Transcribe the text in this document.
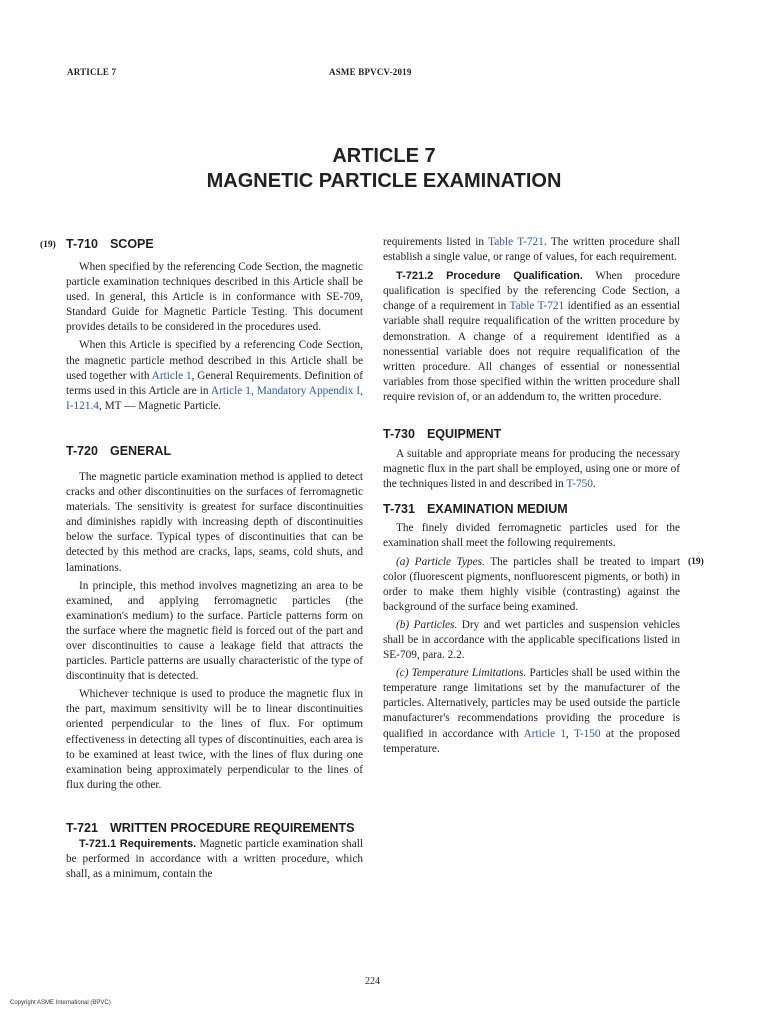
ARTICLE 7	ASME BPVCV-2019
ARTICLE 7
MAGNETIC PARTICLE EXAMINATION
(19) T-710 SCOPE

When specified by the referencing Code Section, the magnetic particle examination techniques described in this Article shall be used. In general, this Article is in conformance with SE-709, Standard Guide for Magnetic Particle Testing. This document provides details to be considered in the procedures used.

When this Article is specified by a referencing Code Section, the magnetic particle method described in this Article shall be used together with Article 1, General Requirements. Definition of terms used in this Article are in Article 1, Mandatory Appendix I, I-121.4, MT — Magnetic Particle.

T-720 GENERAL

The magnetic particle examination method is applied to detect cracks and other discontinuities on the surfaces of ferromagnetic materials. The sensitivity is greatest for surface discontinuities and diminishes rapidly with increasing depth of discontinuities below the surface. Typical types of discontinuities that can be detected by this method are cracks, laps, seams, cold shuts, and laminations.

In principle, this method involves magnetizing an area to be examined, and applying ferromagnetic particles (the examination's medium) to the surface. Particle patterns form on the surface where the magnetic field is forced out of the part and over discontinuities to cause a leakage field that attracts the particles. Particle patterns are usually characteristic of the type of discontinuity that is detected.

Whichever technique is used to produce the magnetic flux in the part, maximum sensitivity will be to linear discontinuities oriented perpendicular to the lines of flux. For optimum effectiveness in detecting all types of discontinuities, each area is to be examined at least twice, with the lines of flux during one examination being approximately perpendicular to the lines of flux during the other.

T-721 WRITTEN PROCEDURE REQUIREMENTS

T-721.1 Requirements. Magnetic particle examination shall be performed in accordance with a written procedure, which shall, as a minimum, contain the

requirements listed in Table T-721. The written procedure shall establish a single value, or range of values, for each requirement.

T-721.2 Procedure Qualification. When procedure qualification is specified by the referencing Code Section, a change of a requirement in Table T-721 identified as an essential variable shall require requalification of the written procedure by demonstration. A change of a requirement identified as a nonessential variable does not require requalification of the written procedure. All changes of essential or nonessential variables from those specified within the written procedure shall require revision of, or an addendum to, the written procedure.

T-730 EQUIPMENT

A suitable and appropriate means for producing the necessary magnetic flux in the part shall be employed, using one or more of the techniques listed in and described in T-750.

T-731 EXAMINATION MEDIUM

The finely divided ferromagnetic particles used for the examination shall meet the following requirements.

(a) Particle Types. The particles shall be treated to impart color (fluorescent pigments, nonfluorescent pigments, or both) in order to make them highly visible (contrasting) against the background of the surface being examined.

(b) Particles. Dry and wet particles and suspension vehicles shall be in accordance with the applicable specifications listed in SE-709, para. 2.2.

(c) Temperature Limitations. Particles shall be used within the temperature range limitations set by the manufacturer of the particles. Alternatively, particles may be used outside the particle manufacturer's recommendations providing the procedure is qualified in accordance with Article 1, T-150 at the proposed temperature.

(19)
224
Copyright ASME International (BPVC)
